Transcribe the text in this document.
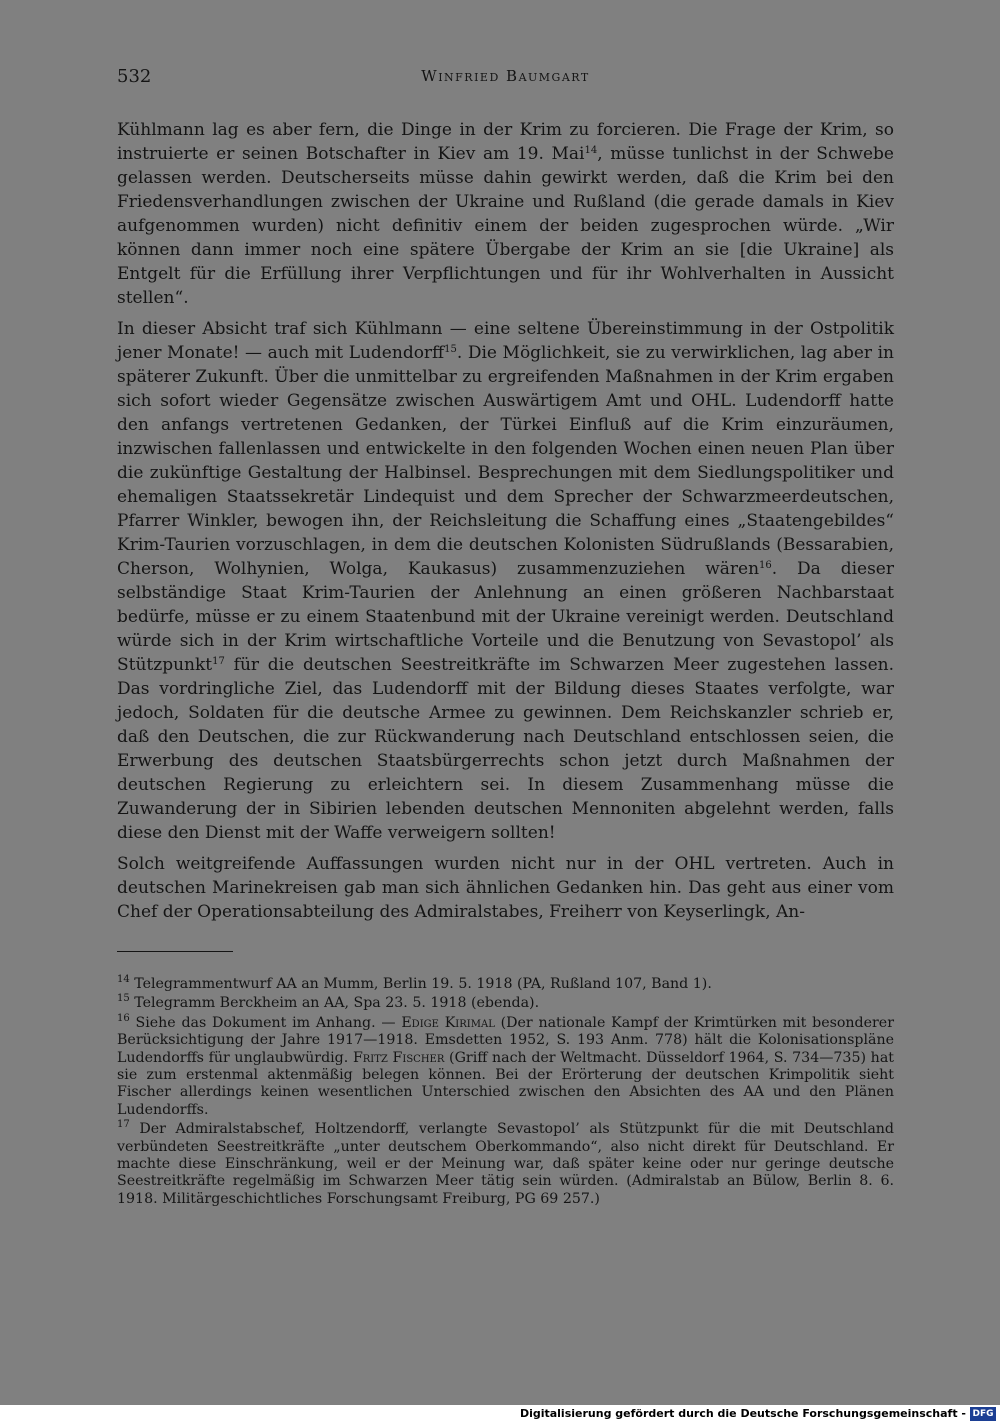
532	Winfried Baumgart

Kühlmann lag es aber fern, die Dinge in der Krim zu forcieren. Die Frage der Krim, so instruierte er seinen Botschafter in Kiev am 19. Mai$^{14}$, müsse tunlichst in der Schwebe gelassen werden. Deutscherseits müsse dahin gewirkt werden, daß die Krim bei den Friedensverhandlungen zwischen der Ukraine und Rußland (die gerade damals in Kiev aufgenommen wurden) nicht definitiv einem der beiden zugesprochen würde. „Wir können dann immer noch eine spätere Übergabe der Krim an sie [die Ukraine] als Entgelt für die Erfüllung ihrer Verpflichtungen und für ihr Wohlverhalten in Aussicht stellen“.

In dieser Absicht traf sich Kühlmann — eine seltene Übereinstimmung in der Ostpolitik jener Monate! — auch mit Ludendorff$^{15}$. Die Möglichkeit, sie zu verwirklichen, lag aber in späterer Zukunft. Über die unmittelbar zu ergreifenden Maßnahmen in der Krim ergaben sich sofort wieder Gegensätze zwischen Auswärtigem Amt und OHL. Ludendorff hatte den anfangs vertretenen Gedanken, der Türkei Einfluß auf die Krim einzuräumen, inzwischen fallenlassen und entwickelte in den folgenden Wochen einen neuen Plan über die zukünftige Gestaltung der Halbinsel. Besprechungen mit dem Siedlungspolitiker und ehemaligen Staatssekretär Lindequist und dem Sprecher der Schwarzmeerdeutschen, Pfarrer Winkler, bewogen ihn, der Reichsleitung die Schaffung eines „Staatengebildes“ Krim-Taurien vorzuschlagen, in dem die deutschen Kolonisten Südrußlands (Bessarabien, Cherson, Wolhynien, Wolga, Kaukasus) zusammenzuziehen wären$^{16}$. Da dieser selbständige Staat Krim-Taurien der Anlehnung an einen größeren Nachbarstaat bedürfe, müsse er zu einem Staatenbund mit der Ukraine vereinigt werden. Deutschland würde sich in der Krim wirtschaftliche Vorteile und die Benutzung von Sevastopol’ als Stützpunkt$^{17}$ für die deutschen Seestreitkräfte im Schwarzen Meer zugestehen lassen. Das vordringliche Ziel, das Ludendorff mit der Bildung dieses Staates verfolgte, war jedoch, Soldaten für die deutsche Armee zu gewinnen. Dem Reichskanzler schrieb er, daß den Deutschen, die zur Rückwanderung nach Deutschland entschlossen seien, die Erwerbung des deutschen Staatsbürgerrechts schon jetzt durch Maßnahmen der deutschen Regierung zu erleichtern sei. In diesem Zusammenhang müsse die Zuwanderung der in Sibirien lebenden deutschen Mennoniten abgelehnt werden, falls diese den Dienst mit der Waffe verweigern sollten!

Solch weitgreifende Auffassungen wurden nicht nur in der OHL vertreten. Auch in deutschen Marinekreisen gab man sich ähnlichen Gedanken hin. Das geht aus einer vom Chef der Operationsabteilung des Admiralstabes, Freiherr von Keyserlingk, An-

$^{14}$ Telegrammentwurf AA an Mumm, Berlin 19. 5. 1918 (PA, Rußland 107, Band 1).

$^{15}$ Telegramm Berckheim an AA, Spa 23. 5. 1918 (ebenda).

$^{16}$ Siehe das Dokument im Anhang. — Edige Kirimal (Der nationale Kampf der Krimtürken mit besonderer Berücksichtigung der Jahre 1917—1918. Emsdetten 1952, S. 193 Anm. 778) hält die Kolonisationspläne Ludendorffs für unglaubwürdig. Fritz Fischer (Griff nach der Weltmacht. Düsseldorf 1964, S. 734—735) hat sie zum erstenmal aktenmäßig belegen können. Bei der Erörterung der deutschen Krimpolitik sieht Fischer allerdings keinen wesentlichen Unterschied zwischen den Absichten des AA und den Plänen Ludendorffs.

$^{17}$ Der Admiralstabschef, Holtzendorff, verlangte Sevastopol’ als Stützpunkt für die mit Deutschland verbündeten Seestreitkräfte „unter deutschem Oberkommando“, also nicht direkt für Deutschland. Er machte diese Einschränkung, weil er der Meinung war, daß später keine oder nur geringe deutsche Seestreitkräfte regelmäßig im Schwarzen Meer tätig sein würden. (Admiralstab an Bülow, Berlin 8. 6. 1918. Militärgeschichtliches Forschungsamt Freiburg, PG 69 257.)

Digitalisierung gefördert durch die Deutsche Forschungsgemeinschaft - DFG
